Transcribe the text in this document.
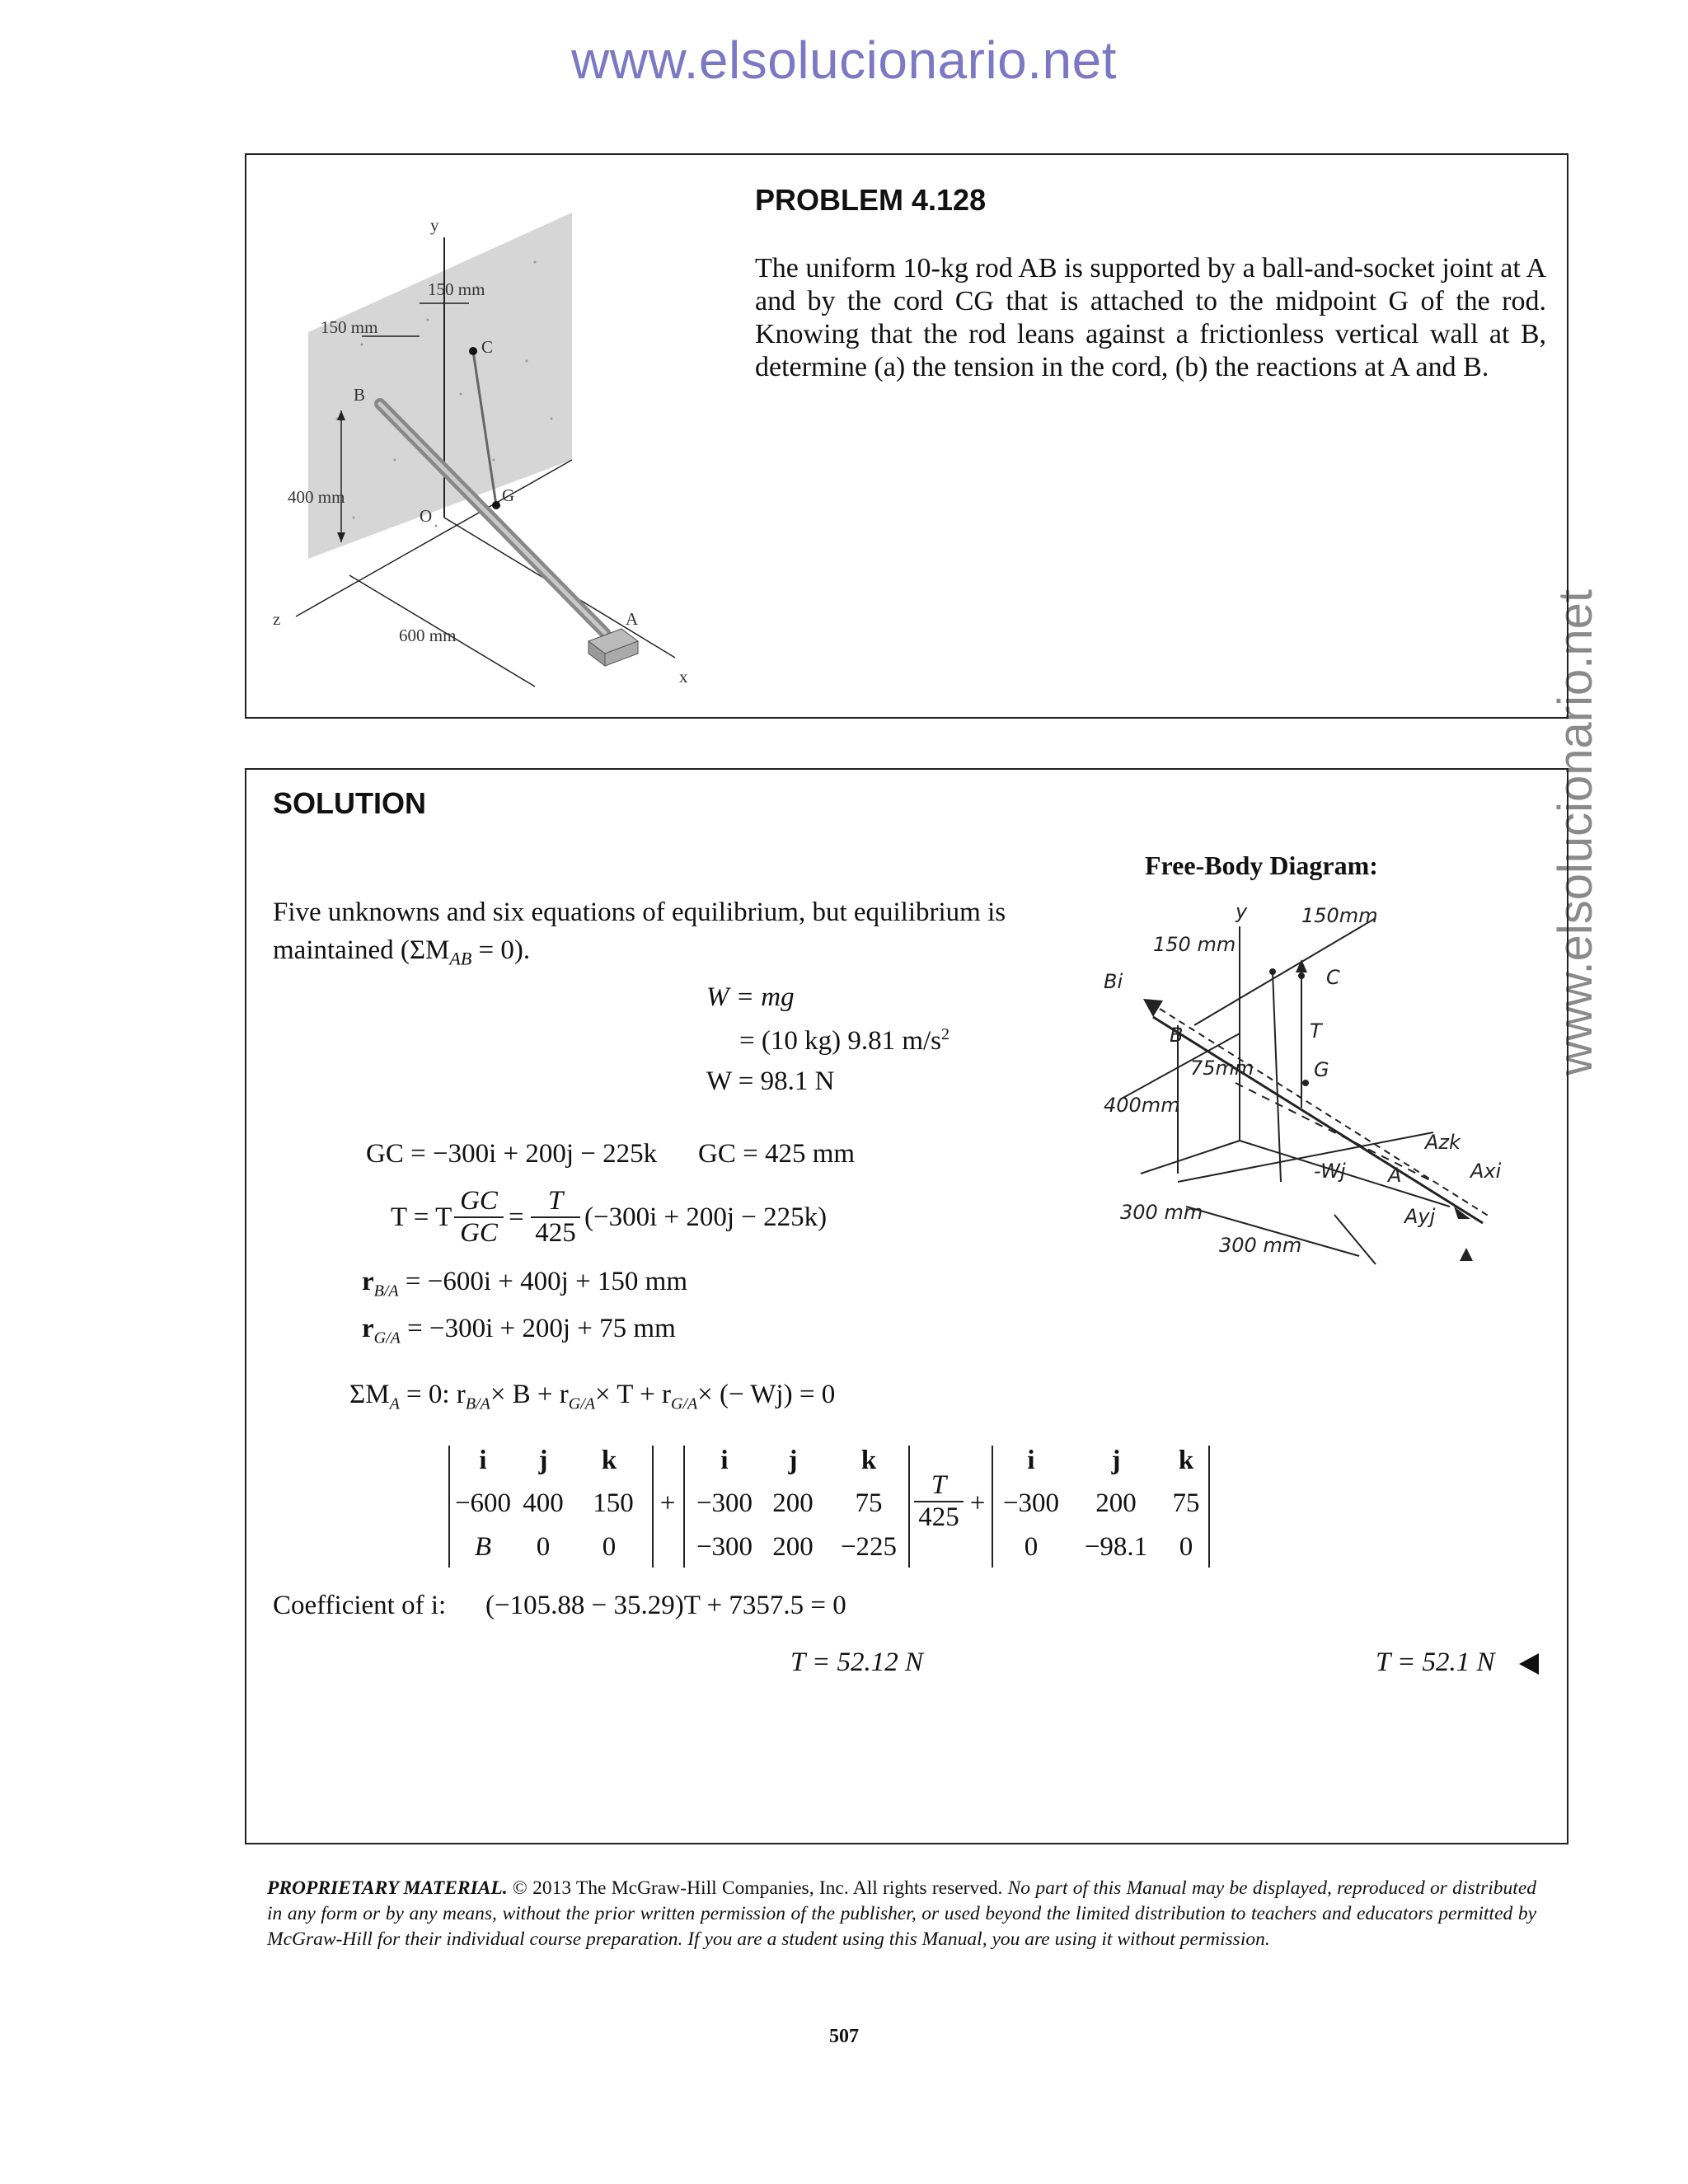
www.elsolucionario.net
www.elsolucionario.net
y
z
x
O
C
G
B
A
400 mm
600 mm
150 mm
150 mm
PROBLEM 4.128
The uniform 10-kg rod AB is supported by a ball-and-socket joint at A and by the cord CG that is attached to the midpoint G of the rod. Knowing that the rod leans against a frictionless vertical wall at B, determine (a) the tension in the cord, (b) the reactions at A and B.
SOLUTION
Free-Body Diagram:
y	150mm
150 mm
C
Bi
B	T
G
75mm
400mm
Azk
Axi
-Wj A
Ayj
300 mm
300 mm
Five unknowns and six equations of equilibrium, but equilibrium is
maintained $(\Sigma M_{AB} = 0)$.
W = mg
= (10 kg) 9.81 $m/s^2$
W = 98.1 N
GC = −300i + 200j − 225k GC = 425 mm
T = T $\frac{GC}{GC} = \frac{T}{425} (-300i + 200j - 225k)$
$r_{B/A} = -600i + 400j + 150$ mm
$r_{G/A} = -300i + 200j + 75$ mm
$\Sigma M_A = 0$: $r_{B/A}\times B + r_{G/A}\times T + r_{G/A}\times$ (− Wj) = 0
i	j	k
−600 400	150
B	0	0
+
i	j	k
−300 200	75
−300 200	−225
$\frac{T}{425}$ +
i	j	k
−300	200	75
0	−98.1	0
Coefficient of i: (−105.88 − 35.29)T + 7357.5 = 0
T = 52.12 N	T = 52.1 N
PROPRIETARY MATERIAL. © 2013 The McGraw-Hill Companies, Inc. All rights reserved. No part of this Manual may be displayed, reproduced or distributed in any form or by any means, without the prior written permission of the publisher, or used beyond the limited distribution to teachers and educators permitted by McGraw-Hill for their individual course preparation. If you are a student using this Manual, you are using it without permission.
507
